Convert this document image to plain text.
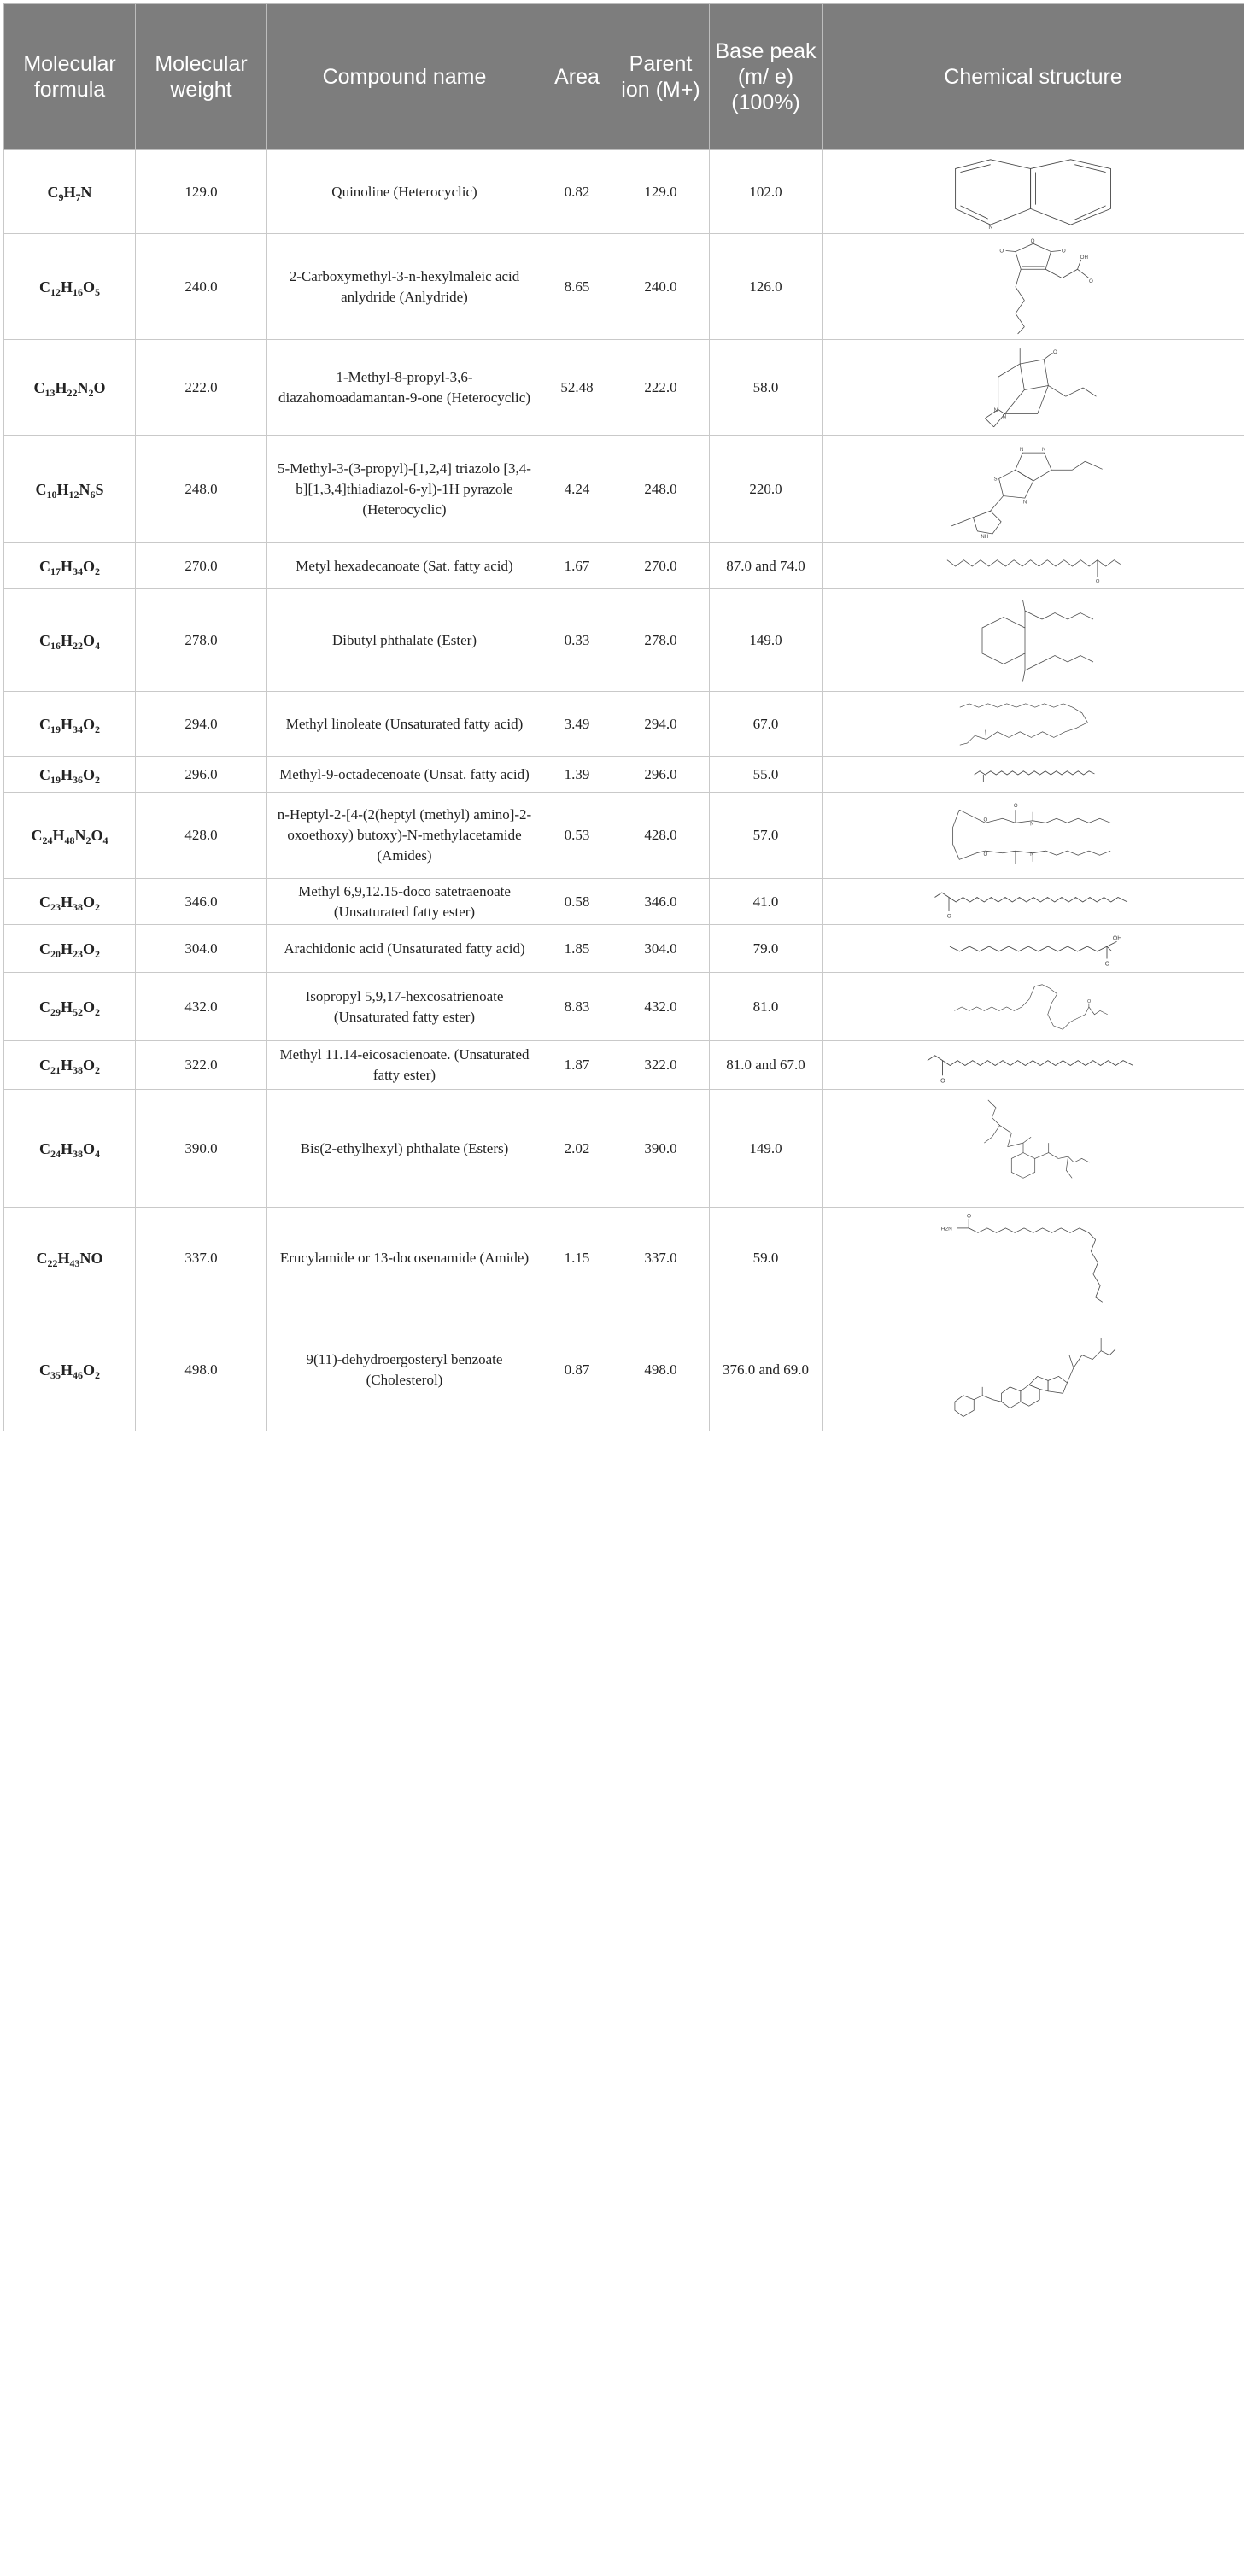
Molecular formula	Molecular weight	Compound name	Area	Parent ion (M+)	Base peak (m/ e) (100%)	Chemical structure
$C_9H_7N$	129.0	Quinoline (Heterocyclic)	0.82	129.0	102.0	N

$C_{12}H_{16}O_5$	240.0	2-Carboxymethyl-3-n-hexylmaleic acid anlydride (Anlydride)	8.65	240.0	126.0	O
O
O
OH
O

$C_{13}H_{22}N_2O$	222.0	1-Methyl-8-propyl-3,6-diazahomoadamantan-9-one (Heterocyclic)	52.48	222.0	58.0	N
N
O

$C_{10}H_{12}N_6S$	248.0	5-Methyl-3-(3-propyl)-[1,2,4] triazolo [3,4-b][1,3,4]thiadiazol-6-yl)-1H pyrazole (Heterocyclic)	4.24	248.0	220.0	N N
S
N
NH

$C_{17}H_{34}O_2$	270.0	Metyl hexadecanoate (Sat. fatty acid)	1.67	270.0	87.0 and 74.0	O

$C_{16}H_{22}O_4$	278.0	Dibutyl phthalate (Ester)	0.33	278.0	149.0	

$C_{19}H_{34}O_2$	294.0	Methyl linoleate (Unsaturated fatty acid)	3.49	294.0	67.0	

$C_{19}H_{36}O_2$	296.0	Methyl-9-octadecenoate (Unsat. fatty acid)	1.39	296.0	55.0	

$C_{24}H_{48}N_2O_4$	428.0	n-Heptyl-2-[4-(2(heptyl (methyl) amino]-2-oxoethoxy) butoxy)-N-methylacetamide (Amides)	0.53	428.0	57.0	O
O
N
O N

$C_{23}H_{38}O_2$	346.0	Methyl 6,9,12.15-doco satetraenoate (Unsaturated fatty ester)	0.58	346.0	41.0	O

$C_{20}H_{23}O_2$	304.0	Arachidonic acid (Unsaturated fatty acid)	1.85	304.0	79.0	OH
O

$C_{29}H_{52}O_2$	432.0	Isopropyl 5,9,17-hexcosatrienoate (Unsaturated fatty ester)	8.83	432.0	81.0	O

$C_{21}H_{38}O_2$	322.0	Methyl 11.14-eicosacienoate. (Unsaturated fatty ester)	1.87	322.0	81.0 and 67.0	O

$C_{24}H_{38}O_4$	390.0	Bis(2-ethylhexyl) phthalate (Esters)	2.02	390.0	149.0	

$C_{22}H_{43}NO$	337.0	Erucylamide or 13-docosenamide (Amide)	1.15	337.0	59.0	H2N
O

$C_{35}H_{46}O_2$	498.0	9(11)-dehydroergosteryl benzoate (Cholesterol)	0.87	498.0	376.0 and 69.0	
